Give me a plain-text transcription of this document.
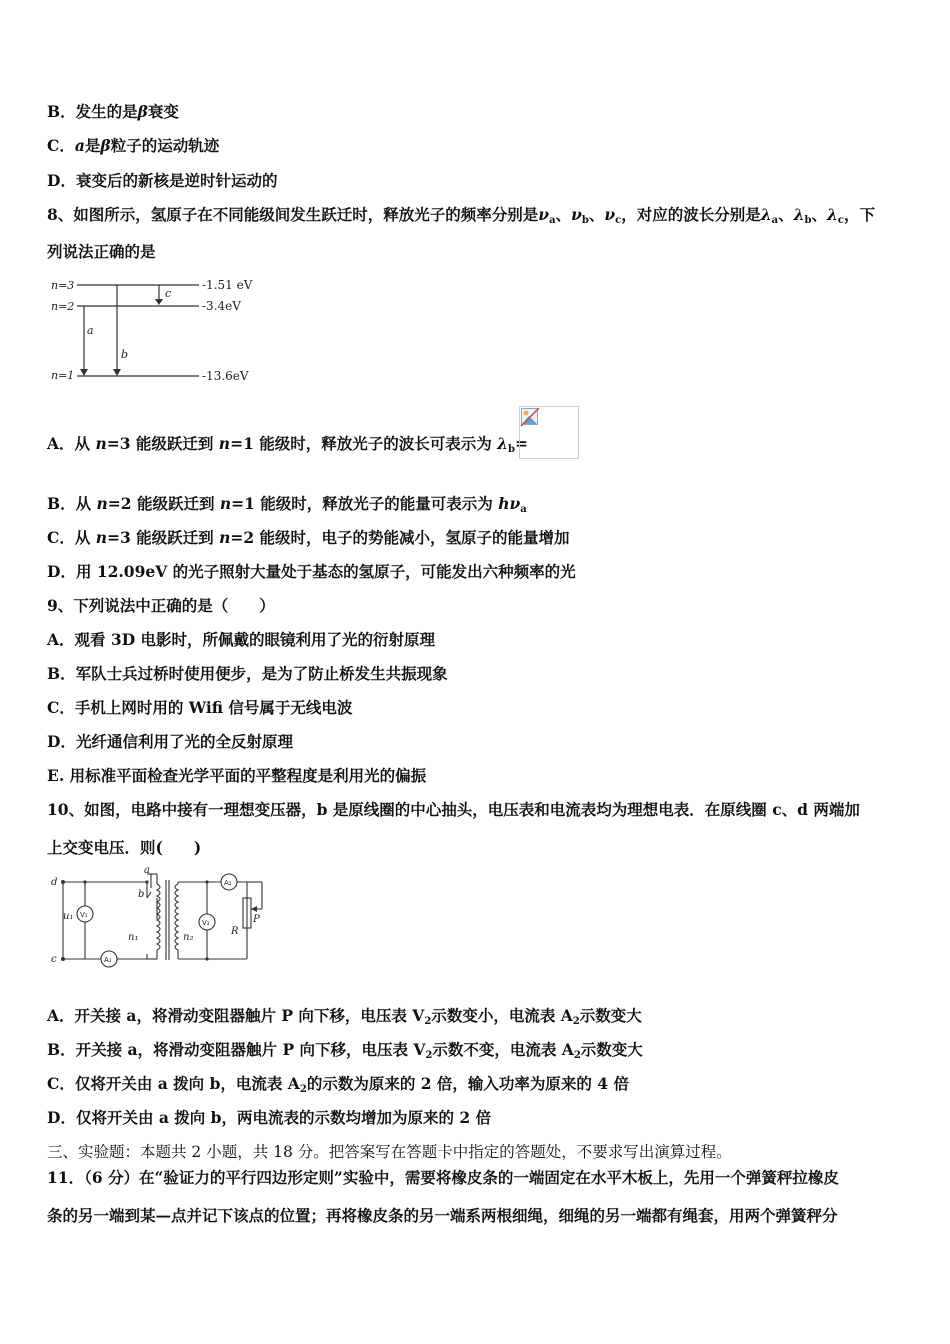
B．发生的是β衰变
C．a是β粒子的运动轨迹
D．衰变后的新核是逆时针运动的
8、如图所示，氢原子在不同能级间发生跃迁时，释放光子的频率分别是$\nu_a$、$\nu_b$、$\nu_c$，对应的波长分别是$\lambda_a$、$\lambda_b$、$\lambda_c$，下
列说法正确的是
n=3
n=2
n=1
c
a
b
-1.51 eV
-3.4eV
-13.6eV
A．从 n=3 能级跃迁到 n=1 能级时，释放光子的波长可表示为 $\lambda_b=$
B．从 n=2 能级跃迁到 n=1 能级时，释放光子的能量可表示为 $h\nu_a$
C．从 n=3 能级跃迁到 n=2 能级时，电子的势能减小，氢原子的能量增加
D．用 12.09eV 的光子照射大量处于基态的氢原子，可能发出六种频率的光
9、下列说法中正确的是（　　）
A．观看 3D 电影时，所佩戴的眼镜利用了光的衍射原理
B．军队士兵过桥时使用便步，是为了防止桥发生共振现象
C．手机上网时用的 Wifi 信号属于无线电波
D．光纤通信利用了光的全反射原理
E. 用标准平面检查光学平面的平整程度是利用光的偏振
10、如图，电路中接有一理想变压器，b 是原线圈的中心抽头，电压表和电流表均为理想电表．在原线圈 c、d 两端加
上交变电压．则(　　)
d
c
a
b
u₁
n₁	n₂
R
P
V₁
A₁
A₂
V₂
A．开关接 a，将滑动变阻器触片 P 向下移，电压表 $V_2$示数变小，电流表 $A_2$示数变大
B．开关接 a，将滑动变阻器触片 P 向下移，电压表 $V_2$示数不变，电流表 $A_2$示数变大
C．仅将开关由 a 拨向 b，电流表 $A_2$的示数为原来的 2 倍，输入功率为原来的 4 倍
D．仅将开关由 a 拨向 b，两电流表的示数均增加为原来的 2 倍
三、实验题：本题共 2 小题，共 18 分。把答案写在答题卡中指定的答题处，不要求写出演算过程。
11．（6 分）在“验证力的平行四边形定则”实验中，需要将橡皮条的一端固定在水平木板上，先用一个弹簧秤拉橡皮
条的另一端到某—点并记下该点的位置；再将橡皮条的另一端系两根细绳，细绳的另一端都有绳套，用两个弹簧秤分
